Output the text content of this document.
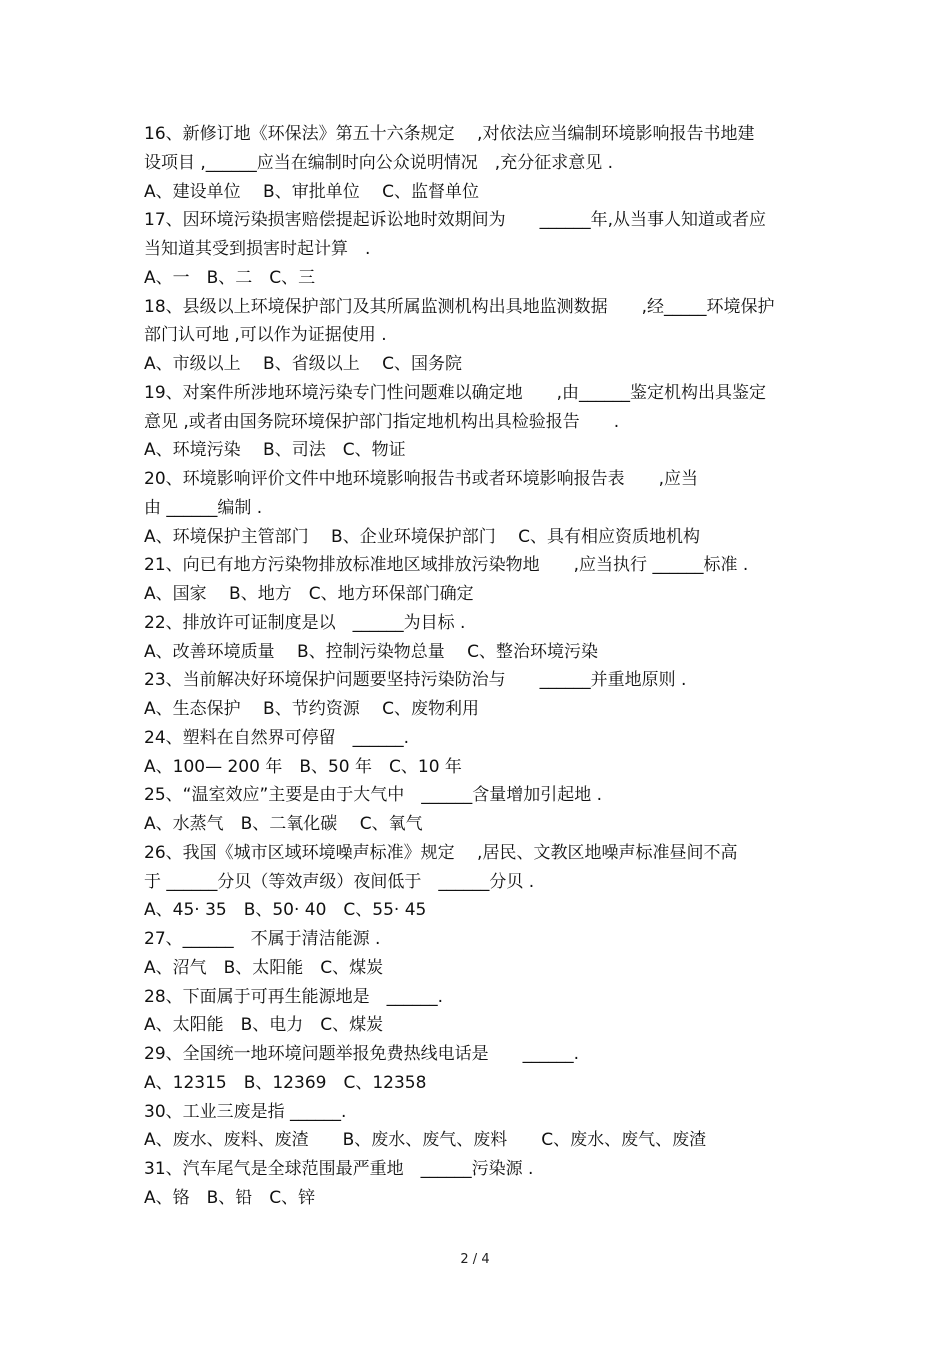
16、新修订地《环保法》第五十六条规定　 ,对依法应当编制环境影响报告书地建
设项目 ,______应当在编制时向公众说明情况　,充分征求意见 .
A、建设单位　 B、审批单位　 C、监督单位
17、因环境污染损害赔偿提起诉讼地时效期间为　　______年,从当事人知道或者应
当知道其受到损害时起计算　.
A、一　B、二　C、三
18、县级以上环境保护部门及其所属监测机构出具地监测数据　　,经_____环境保护
部门认可地 ,可以作为证据使用 .
A、市级以上　 B、省级以上　 C、国务院
19、对案件所涉地环境污染专门性问题难以确定地　　,由______鉴定机构出具鉴定
意见 ,或者由国务院环境保护部门指定地机构出具检验报告　　.
A、环境污染　 B、司法　C、物证
20、环境影响评价文件中地环境影响报告书或者环境影响报告表　　,应当
由 ______编制 .
A、环境保护主管部门　 B、企业环境保护部门　 C、具有相应资质地机构
21、向已有地方污染物排放标准地区域排放污染物地　　,应当执行 ______标准 .
A、国家　 B、地方　C、地方环保部门确定
22、排放许可证制度是以　______为目标 .
A、改善环境质量　 B、控制污染物总量　 C、整治环境污染
23、当前解决好环境保护问题要坚持污染防治与　　______并重地原则 .
A、生态保护　 B、节约资源　 C、废物利用
24、塑料在自然界可停留　______.
A、100— 200 年　B、50 年　C、10 年
25、“温室效应”主要是由于大气中　______含量增加引起地 .
A、水蒸气　B、二氧化碳　 C、氧气
26、我国《城市区域环境噪声标准》规定　 ,居民、文教区地噪声标准昼间不高
于 ______分贝（等效声级）夜间低于　______分贝 .
A、45· 35　B、50· 40　C、55· 45
27、______　不属于清洁能源 .
A、沼气　B、太阳能　C、煤炭
28、下面属于可再生能源地是　______.
A、太阳能　B、电力　C、煤炭
29、全国统一地环境问题举报免费热线电话是　　______.
A、12315　B、12369　C、12358
30、工业三废是指 ______.
A、废水、废料、废渣　　B、废水、废气、废料　　C、废水、废气、废渣
31、汽车尾气是全球范围最严重地　______污染源 .
A、铬　B、铅　C、锌
2 / 4
